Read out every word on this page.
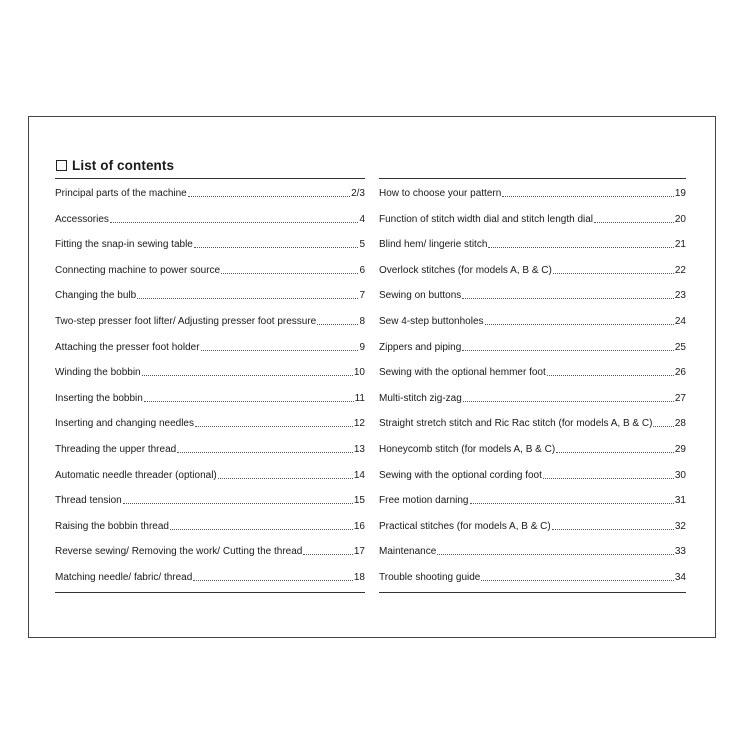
List of contents
Principal parts of the machine	2/3
Accessories	4
Fitting the snap-in sewing table	5
Connecting machine to power source	6
Changing the bulb	7
Two-step presser foot lifter/ Adjusting presser foot pressure	8
Attaching the presser foot holder	9
Winding the bobbin	10
Inserting the bobbin	11
Inserting and changing needles	12
Threading the upper thread	13
Automatic needle threader (optional)	14
Thread tension	15
Raising the bobbin thread	16
Reverse sewing/ Removing the work/ Cutting the thread	17
Matching needle/ fabric/ thread	18
How to choose your pattern	19
Function of stitch width dial and stitch length dial	20
Blind hem/ lingerie stitch	21
Overlock stitches (for models A, B & C)	22
Sewing on buttons	23
Sew 4-step buttonholes	24
Zippers and piping	25
Sewing with the optional hemmer foot	26
Multi-stitch zig-zag	27
Straight stretch stitch and Ric Rac stitch (for models A, B & C) 28
Honeycomb stitch (for models A, B & C)	29
Sewing with the optional cording foot	30
Free motion darning	31
Practical stitches (for models A, B & C)	32
Maintenance	33
Trouble shooting guide	34
